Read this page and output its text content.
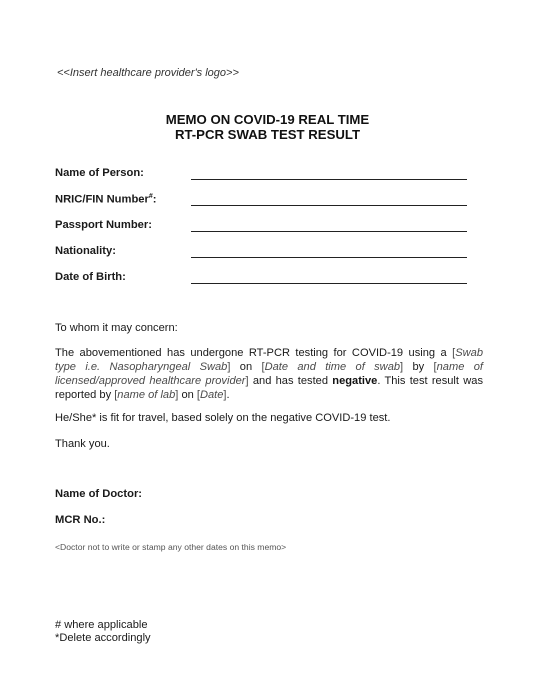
<<Insert healthcare provider's logo>>
MEMO ON COVID-19 REAL TIME
RT-PCR SWAB TEST RESULT
Name of Person:
NRIC/FIN Number#:
Passport Number:
Nationality:
Date of Birth:
To whom it may concern:
The abovementioned has undergone RT-PCR testing for COVID-19 using a [Swab type i.e. Nasopharyngeal Swab] on [Date and time of swab] by [name of licensed/approved healthcare provider] and has tested negative. This test result was reported by [name of lab] on [Date].
He/She* is fit for travel, based solely on the negative COVID-19 test.
Thank you.
Name of Doctor:
MCR No.:
<Doctor not to write or stamp any other dates on this memo>
# where applicable
*Delete accordingly
